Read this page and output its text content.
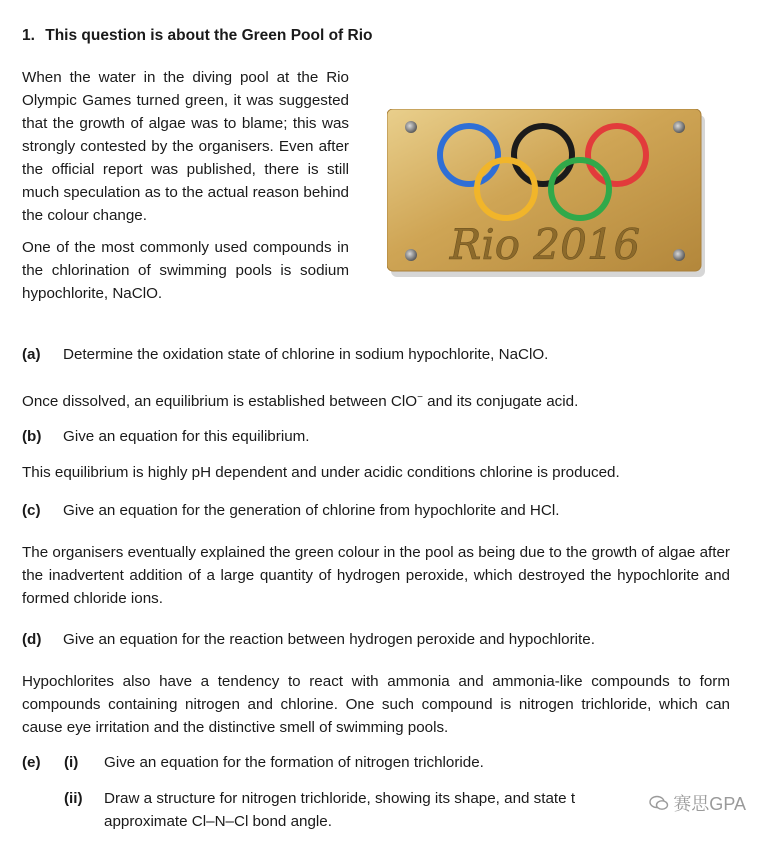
1. This question is about the Green Pool of Rio

When the water in the diving pool at the Rio Olympic Games turned green, it was suggested that the growth of algae was to blame; this was strongly contested by the organisers. Even after the official report was published, there is still much speculation as to the actual reason behind the colour change.

One of the most commonly used compounds in the chlorination of swimming pools is sodium hypochlorite, NaClO.

Rio 2016
(a) Determine the oxidation state of chlorine in sodium hypochlorite, NaClO.
Once dissolved, an equilibrium is established between ClO− and its conjugate acid.
(b) Give an equation for this equilibrium.
This equilibrium is highly pH dependent and under acidic conditions chlorine is produced.
(c) Give an equation for the generation of chlorine from hypochlorite and HCl.
The organisers eventually explained the green colour in the pool as being due to the growth of algae after the inadvertent addition of a large quantity of hydrogen peroxide, which destroyed the hypochlorite and formed chloride ions.
(d) Give an equation for the reaction between hydrogen peroxide and hypochlorite.
Hypochlorites also have a tendency to react with ammonia and ammonia-like compounds to form compounds containing nitrogen and chlorine. One such compound is nitrogen trichloride, which can cause eye irritation and the distinctive smell of swimming pools.
(e) (i) Give an equation for the formation of nitrogen trichloride.
(ii) Draw a structure for nitrogen trichloride, showing its shape, and state t
approximate Cl–N–Cl bond angle.
赛思GPA
